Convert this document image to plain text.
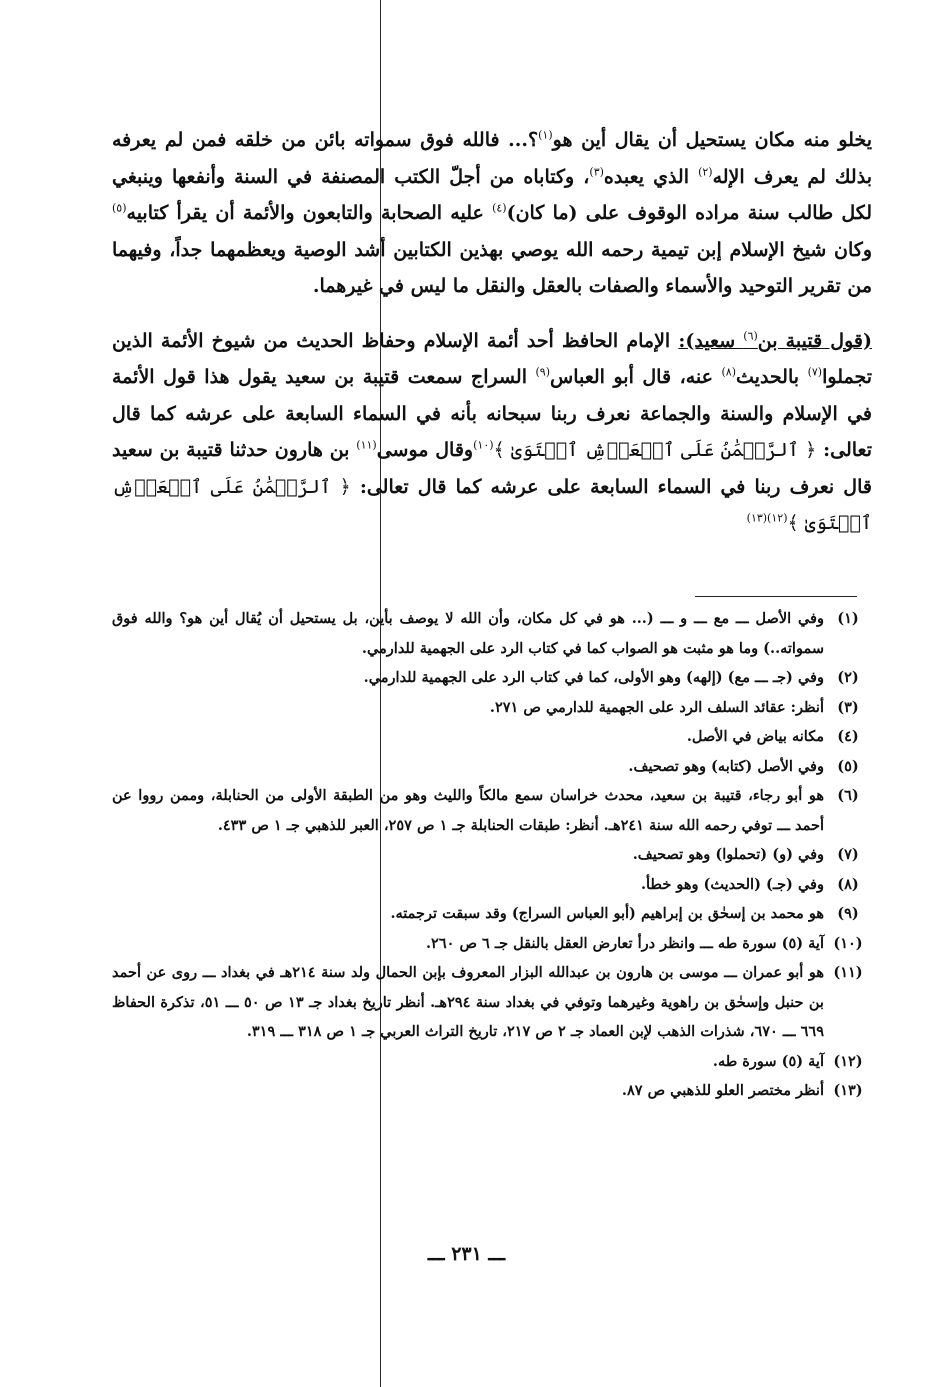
يخلو منه مكان يستحيل أن يقال أين هو$^{(١)}$؟... فالله فوق سمواته بائن من خلقه فمن لم يعرفه بذلك لم يعرف الإله$^{(٢)}$ الذي يعبده$^{(٣)}$، وكتاباه من أجلّ الكتب المصنفة في السنة وأنفعها وينبغي لكل طالب سنة مراده الوقوف على (ما كان)$^{(٤)}$ عليه الصحابة والتابعون والأئمة أن يقرأ كتابيه$^{(٥)}$ وكان شيخ الإسلام إبن تيمية رحمه الله يوصي بهذين الكتابين أشد الوصية ويعظمهما جداً، وفيهما من تقرير التوحيد والأسماء والصفات بالعقل والنقل ما ليس في غيرهما.

(قول قتيبة بن$^{(٦)}$ سعيد): الإمام الحافظ أحد أئمة الإسلام وحفاظ الحديث من شيوخ الأئمة الذين تجملوا$^{(٧)}$ بالحديث$^{(٨)}$ عنه، قال أبو العباس$^{(٩)}$ السراج سمعت قتيبة بن سعيد يقول هذا قول الأئمة في الإسلام والسنة والجماعة نعرف ربنا سبحانه بأنه في السماء السابعة على عرشه كما قال تعالى: ﴿ ٱلرَّحۡمَٰنُ عَلَى ٱلۡعَرۡشِ ٱسۡتَوَىٰ ﴾$^{(١٠)}$وقال موسى$^{(١١)}$ بن هارون حدثنا قتيبة بن سعيد قال نعرف ربنا في السماء السابعة على عرشه كما قال تعالى: ﴿ ٱلرَّحۡمَٰنُ عَلَى ٱلۡعَرۡشِ ٱسۡتَوَىٰ ﴾$^{(١٢)(١٣)}$

(١)
وفي الأصل ـــ مع ـــ و ـــ (... هو في كل مكان، وأن الله لا يوصف بأين، بل يستحيل أن يُقال أين هو؟ والله فوق سمواته..) وما هو مثبت هو الصواب كما في كتاب الرد على الجهمية للدارمي.
(٢)
وفي (جـ ـــ مع) (إلهه) وهو الأولى، كما في كتاب الرد على الجهمية للدارمي.
(٣)
أنظر: عقائد السلف الرد على الجهمية للدارمي ص ٢٧١.
(٤)
مكانه بياض في الأصل.
(٥)
وفي الأصل (كتابه) وهو تصحيف.
(٦)
هو أبو رجاء، قتيبة بن سعيد، محدث خراسان سمع مالكاً والليث وهو من الطبقة الأولى من الحنابلة، وممن رووا عن أحمد ـــ توفي رحمه الله سنة ٢٤١هـ. أنظر: طبقات الحنابلة جـ ١ ص ٢٥٧، العبر للذهبي جـ ١ ص ٤٣٣.
(٧)
وفي (و) (تحملوا) وهو تصحيف.
(٨)
وفي (جـ) (الحديث) وهو خطأ.
(٩)
هو محمد بن إسحٰق بن إبراهيم (أبو العباس السراج) وقد سبقت ترجمته.
(١٠)
آية (٥) سورة طه ـــ وانظر درأ تعارض العقل بالنقل جـ ٦ ص ٢٦٠.
(١١)
هو أبو عمران ـــ موسى بن هارون بن عبدالله البزار المعروف بإبن الحمال ولد سنة ٢١٤هـ في بغداد ـــ روى عن أحمد بن حنبل وإسحٰق بن راهوية وغيرهما وتوفي في بغداد سنة ٢٩٤هـ. أنظر تاريخ بغداد جـ ١٣ ص ٥٠ ـــ ٥١، تذكرة الحفاظ ٦٦٩ ـــ ٦٧٠، شذرات الذهب لإبن العماد جـ ٢ ص ٢١٧، تاريخ التراث العربي جـ ١ ص ٣١٨ ـــ ٣١٩.
(١٢)
آية (٥) سورة طه.
(١٣)
أنظر مختصر العلو للذهبي ص ٨٧.
ـــ ٢٣١ ـــ
